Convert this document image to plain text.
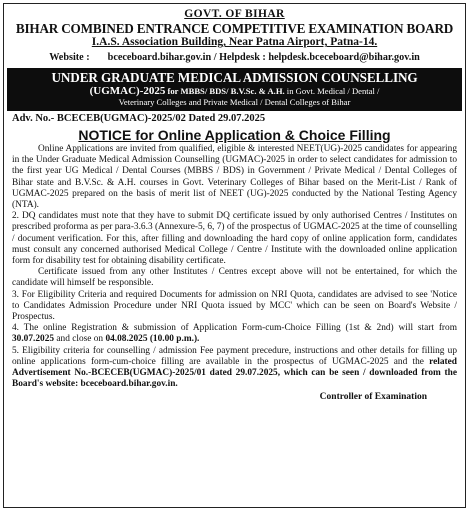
GOVT. OF BIHAR
BIHAR COMBINED ENTRANCE COMPETITIVE EXAMINATION BOARD
I.A.S. Association Building, Near Patna Airport, Patna-14.
Website : bceceboard.bihar.gov.in / Helpdesk : helpdesk.bceceboard@bihar.gov.in
UNDER GRADUATE MEDICAL ADMISSION COUNSELLING
(UGMAC)-2025 for MBBS/ BDS/ B.V.Sc. & A.H. in Govt. Medical / Dental /
Veterinary Colleges and Private Medical / Dental Colleges of Bihar
Adv. No.- BCECEB(UGMAC)-2025/02 Dated 29.07.2025
NOTICE for Online Application & Choice Filling

Online Applications are invited from qualified, eligible & interested NEET(UG)-2025 candidates for appearing in the Under Graduate Medical Admission Counselling (UGMAC)-2025 in order to select candidates for admission to the first year UG Medical / Dental Courses (MBBS / BDS) in Government / Private Medical / Dental Colleges of Bihar state and B.V.Sc. & A.H. courses in Govt. Veterinary Colleges of Bihar based on the Merit-List / Rank of UGMAC-2025 prepared on the basis of merit list of NEET (UG)-2025 conducted by the National Testing Agency (NTA).

2. DQ candidates must note that they have to submit DQ certificate issued by only authorised Centres / Institutes on prescribed proforma as per para-3.6.3 (Annexure-5, 6, 7) of the prospectus of UGMAC-2025 at the time of counselling / document verification. For this, after filling and downloading the hard copy of online application form, candidates must consult any concerned authorised Medical College / Centre / Institute with the downloaded online application form for disability test for obtaining disability certificate.

Certificate issued from any other Institutes / Centres except above will not be entertained, for which the candidate will himself be responsible.

3. For Eligibility Criteria and required Documents for admission on NRI Quota, candidates are advised to see 'Notice to Candidates Admission Procedure under NRI Quota issued by MCC' which can be seen on Board's Website / Prospectus.

4. The online Registration & submission of Application Form-cum-Choice Filling (1st & 2nd) will start from 30.07.2025 and close on 04.08.2025 (10.00 p.m.).

5. Eligibility criteria for counselling / admission Fee payment precedure, instructions and other details for filling up online applications form-cum-choice filling are available in the prospectus of UGMAC-2025 and the related Advertisement No.-BCECEB(UGMAC)-2025/01 dated 29.07.2025, which can be seen / downloaded from the Board's website: bceceboard.bihar.gov.in.

Controller of Examination
